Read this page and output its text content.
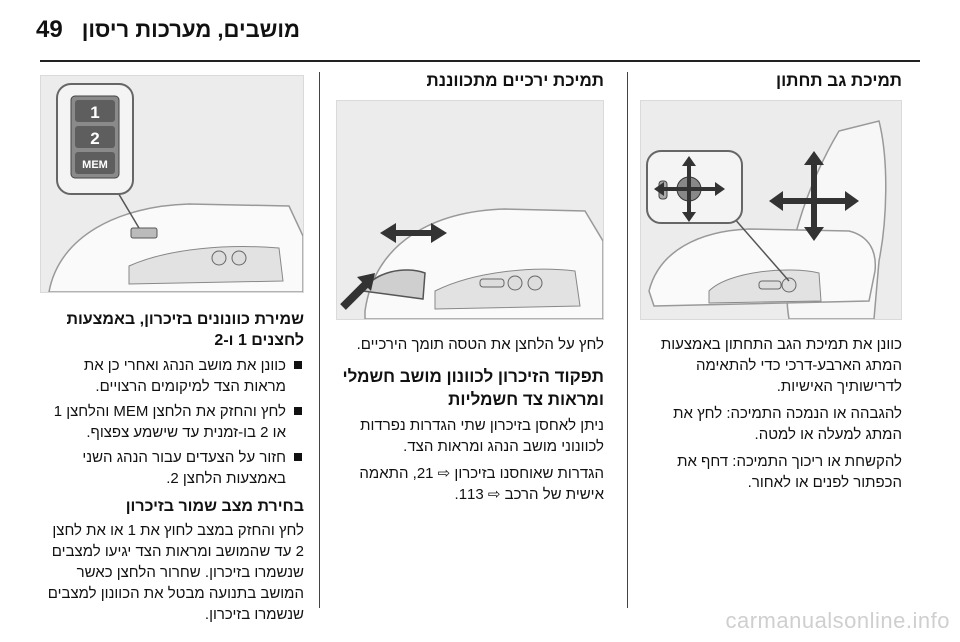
49 מושבים, מערכות ריסון
תמיכת גב תחתון

כוונן את תמיכת הגב התחתון באמצעות המתג הארבע-דרכי כדי להתאימה לדרישותיך האישיות.

להגבהה או הנמכה התמיכה: לחץ את המתג למעלה או למטה.

להקשחת או ריכוך התמיכה: דחף את הכפתור לפנים או לאחור.

תמיכת ירכיים מתכווננת

לחץ על הלחצן את הטסה תומך הירכיים.

תפקוד הזיכרון לכוונון מושב חשמלי ומראות צד חשמליות

ניתן לאחסן בזיכרון שתי הגדרות נפרדות לכוונוני מושב הנהג ומראות הצד.

הגדרות שאוחסנו בזיכרון ⇨ 21, התאמה אישית של הרכב ⇨ 113.

1
2
MEM
שמירת כוונונים בזיכרון, באמצעות לחצנים 1 ו-2
כוונן את מושב הנהג ואחרי כן את מראות הצד למיקומים הרצויים.
לחץ והחזק את הלחצן MEM והלחצן 1 או 2 בו-זמנית עד שישמע צפצוף.
חזור על הצעדים עבור הנהג השני באמצעות הלחצן 2.
בחירת מצב שמור בזיכרון

לחץ והחזק במצב לחוץ את 1 או את לחצן 2 עד שהמושב ומראות הצד יגיעו למצבים שנשמרו בזיכרון. שחרור הלחצן כאשר המושב בתנועה מבטל את הכוונון למצבים שנשמרו בזיכרון.	carmanualsonline.info
